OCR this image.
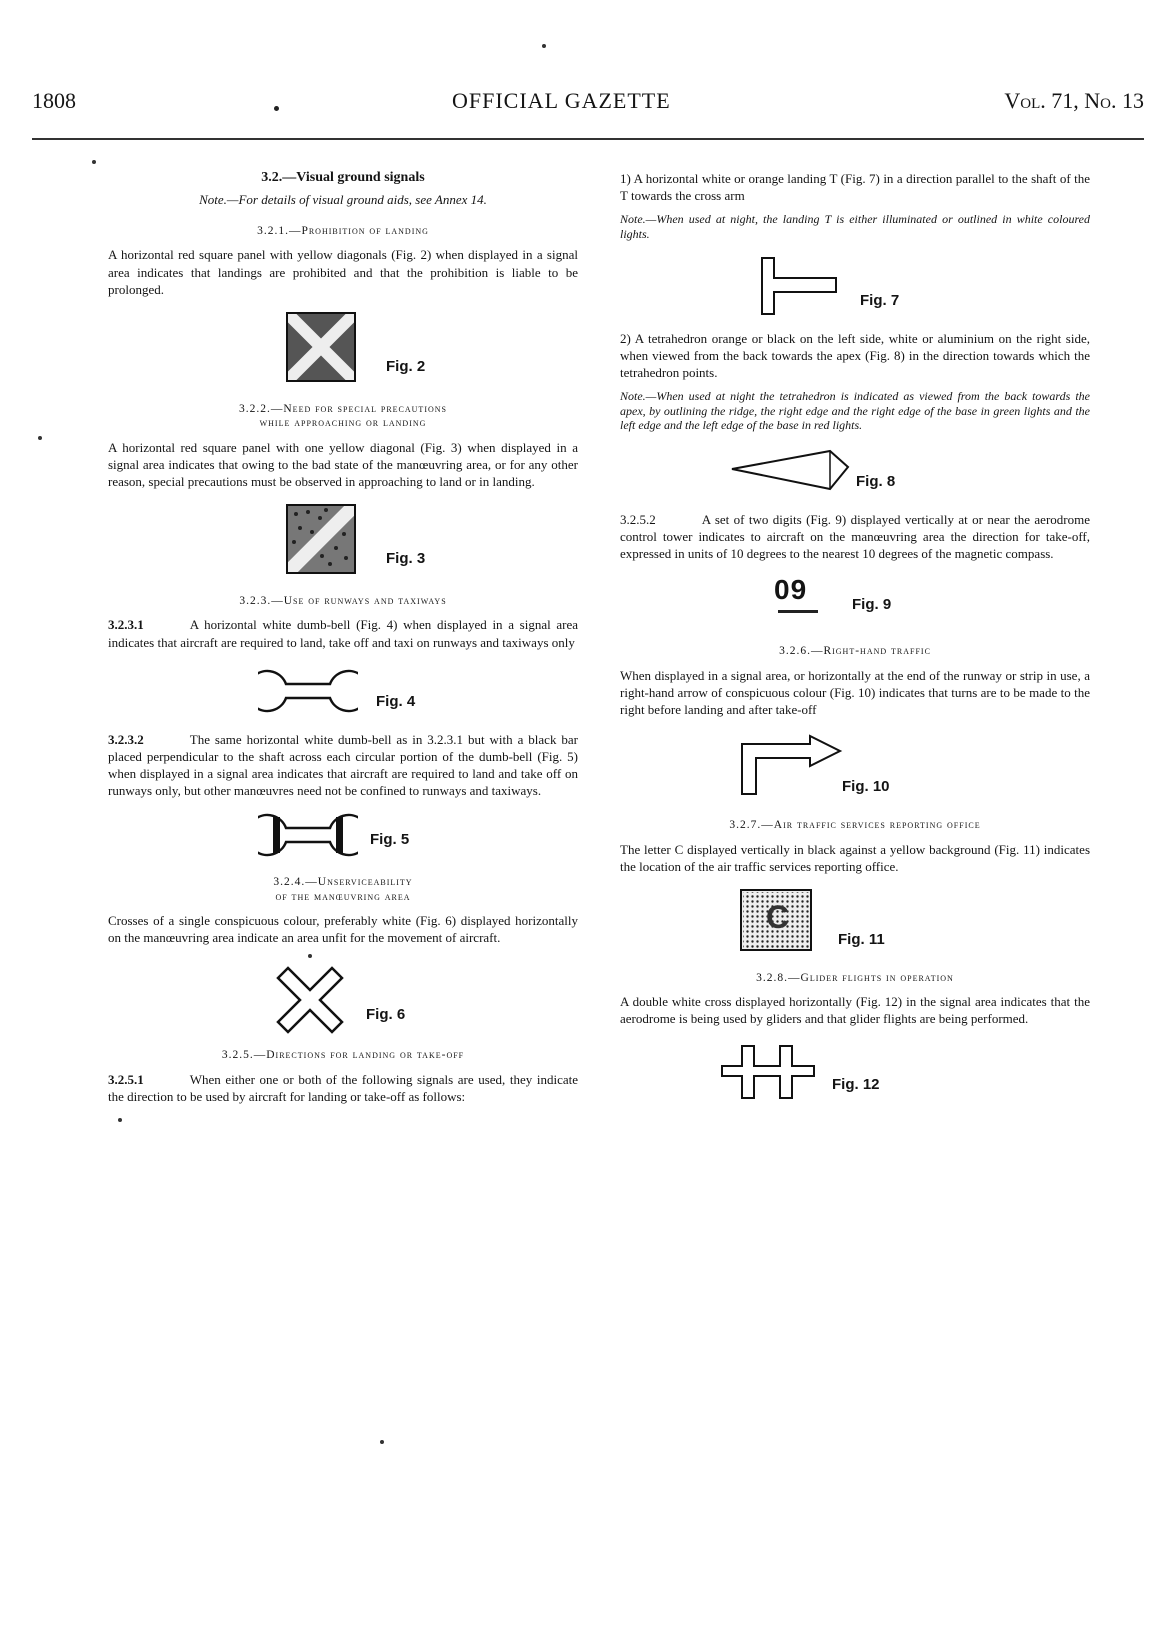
1808	OFFICIAL GAZETTE	Vol. 71, No. 13
3.2.—Visual ground signals
Note.—For details of visual ground aids, see Annex 14.
3.2.1.—Prohibition of landing

A horizontal red square panel with yellow diagonals (Fig. 2) when displayed in a signal area indicates that landings are prohibited and that the prohibition is liable to be prolonged.

Fig. 2
3.2.2.—Need for special precautions
while approaching or landing

A horizontal red square panel with one yellow diagonal (Fig. 3) when displayed in a signal area indicates that owing to the bad state of the manœuvring area, or for any other reason, special precautions must be observed in approaching to land or in landing.

Fig. 3
3.2.3.—Use of runways and taxiways

3.2.3.1	A horizontal white dumb-bell (Fig. 4) when displayed in a signal area indicates that aircraft are required to land, take off and taxi on runways and taxiways only

Fig. 4

3.2.3.2	The same horizontal white dumb-bell as in 3.2.3.1 but with a black bar placed perpendicular to the shaft across each circular portion of the dumb-bell (Fig. 5) when displayed in a signal area indicates that aircraft are required to land and take off on runways only, but other manœuvres need not be confined to runways and taxiways.

Fig. 5
3.2.4.—Unserviceability
of the manœuvring area

Crosses of a single conspicuous colour, preferably white (Fig. 6) displayed horizontally on the manœuvring area indicate an area unfit for the movement of aircraft.

Fig. 6
3.2.5.—Directions for landing or take-off

3.2.5.1	When either one or both of the following signals are used, they indicate the direction to be used by aircraft for landing or take-off as follows:

1) A horizontal white or orange landing T (Fig. 7) in a direction parallel to the shaft of the T towards the cross arm

Note.—When used at night, the landing T is either illuminated or outlined in white coloured lights.

Fig. 7

2) A tetrahedron orange or black on the left side, white or aluminium on the right side, when viewed from the back towards the apex (Fig. 8) in the direction towards which the tetrahedron points.

Note.—When used at night the tetrahedron is indicated as viewed from the back towards the apex, by outlining the ridge, the right edge and the right edge of the base in green lights and the left edge and the left edge of the base in red lights.

Fig. 8

3.2.5.2	A set of two digits (Fig. 9) displayed vertically at or near the aerodrome control tower indicates to aircraft on the manœuvring area the direction for take-off, expressed in units of 10 degrees to the nearest 10 degrees of the magnetic compass.

09	Fig. 9
3.2.6.—Right-hand traffic

When displayed in a signal area, or horizontally at the end of the runway or strip in use, a right-hand arrow of conspicuous colour (Fig. 10) indicates that turns are to be made to the right before landing and after take-off

Fig. 10
3.2.7.—Air traffic services reporting office

The letter C displayed vertically in black against a yellow background (Fig. 11) indicates the location of the air traffic services reporting office.

C
Fig. 11
3.2.8.—Glider flights in operation

A double white cross displayed horizontally (Fig. 12) in the signal area indicates that the aerodrome is being used by gliders and that glider flights are being performed.

Fig. 12
